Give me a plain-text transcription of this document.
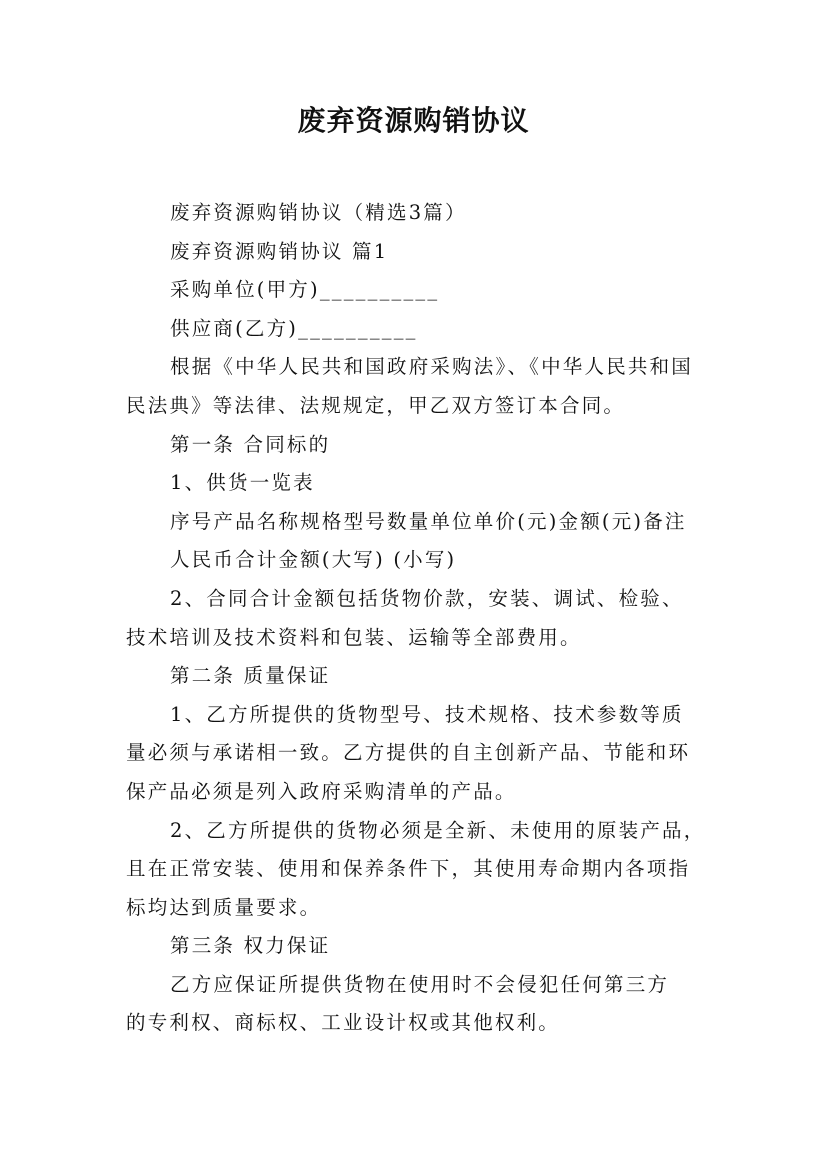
废弃资源购销协议
废弃资源购销协议（精选3篇）
废弃资源购销协议 篇1
采购单位(甲方)__________
供应商(乙方)__________
根据《中华人民共和国政府采购法》、《中华人民共和国
民法典》等法律、法规规定，甲乙双方签订本合同。
第一条 合同标的
1、供货一览表
序号产品名称规格型号数量单位单价(元)金额(元)备注
人民币合计金额(大写) (小写)
2、合同合计金额包括货物价款，安装、调试、检验、
技术培训及技术资料和包装、运输等全部费用。
第二条 质量保证
1、乙方所提供的货物型号、技术规格、技术参数等质
量必须与承诺相一致。乙方提供的自主创新产品、节能和环
保产品必须是列入政府采购清单的产品。
2、乙方所提供的货物必须是全新、未使用的原装产品，
且在正常安装、使用和保养条件下，其使用寿命期内各项指
标均达到质量要求。
第三条 权力保证
乙方应保证所提供货物在使用时不会侵犯任何第三方
的专利权、商标权、工业设计权或其他权利。
